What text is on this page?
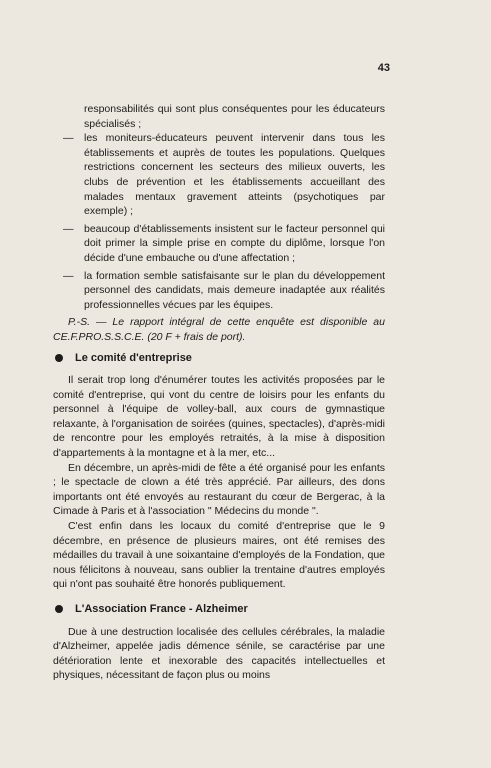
43

responsabilités qui sont plus conséquentes pour les éducateurs spécialisés ;

— les moniteurs-éducateurs peuvent intervenir dans tous les établissements et auprès de toutes les populations. Quelques restrictions concernent les secteurs des milieux ouverts, les clubs de prévention et les établissements accueillant des malades mentaux gravement atteints (psychotiques par exemple) ;

— beaucoup d'établissements insistent sur le facteur personnel qui doit primer la simple prise en compte du diplôme, lorsque l'on décide d'une embauche ou d'une affectation ;

— la formation semble satisfaisante sur le plan du développement personnel des candidats, mais demeure inadaptée aux réalités professionnelles vécues par les équipes.

P.-S. — Le rapport intégral de cette enquête est disponible au CE.F.PRO.S.S.C.E. (20 F + frais de port).

Le comité d'entreprise

Il serait trop long d'énumérer toutes les activités proposées par le comité d'entreprise, qui vont du centre de loisirs pour les enfants du personnel à l'équipe de volley-ball, aux cours de gymnastique relaxante, à l'organisation de soirées (quines, spectacles), d'après-midi de rencontre pour les employés retraités, à la mise à disposition d'appartements à la montagne et à la mer, etc...

En décembre, un après-midi de fête a été organisé pour les enfants ; le spectacle de clown a été très apprécié. Par ailleurs, des dons importants ont été envoyés au restaurant du cœur de Bergerac, à la Cimade à Paris et à l'association " Médecins du monde ".

C'est enfin dans les locaux du comité d'entreprise que le 9 décembre, en présence de plusieurs maires, ont été remises des médailles du travail à une soixantaine d'employés de la Fondation, que nous félicitons à nouveau, sans oublier la trentaine d'autres employés qui n'ont pas souhaité être honorés publiquement.

L'Association France - Alzheimer

Due à une destruction localisée des cellules cérébrales, la maladie d'Alzheimer, appelée jadis démence sénile, se caractérise par une détérioration lente et inexorable des capacités intellectuelles et physiques, nécessitant de façon plus ou moins
